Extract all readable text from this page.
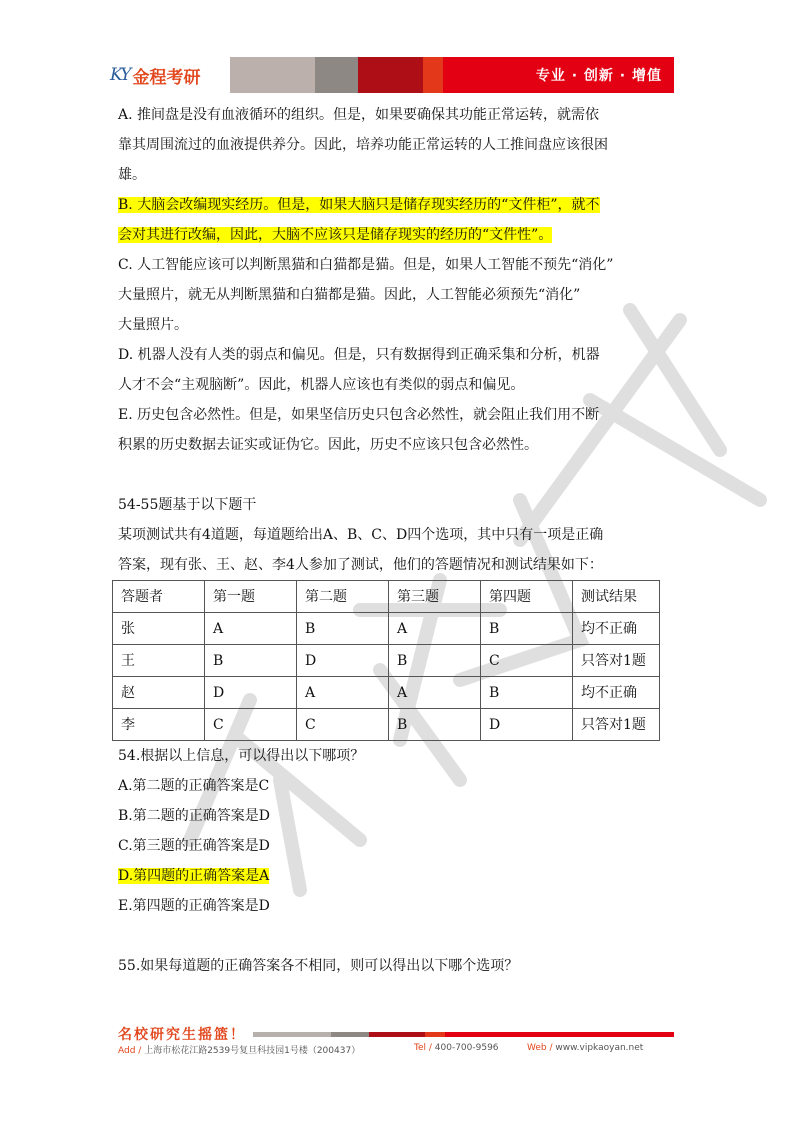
KY 金程考研	专业 · 创新 · 增值

A. 推间盘是没有血液循环的组织。但是，如果要确保其功能正常运转，就需依

靠其周围流过的血液提供养分。因此，培养功能正常运转的人工推间盘应该很困

雄。

B. 大脑会改编现实经历。但是，如果大脑只是储存现实经历的“文件柜”，就不

会对其进行改编，因此，大脑不应该只是储存现实的经历的“文件性”。

C. 人工智能应该可以判断黑猫和白猫都是猫。但是，如果人工智能不预先“消化”

大量照片，就无从判断黑猫和白猫都是猫。因此，人工智能必须预先“消化”

大量照片。

D. 机器人没有人类的弱点和偏见。但是，只有数据得到正确采集和分析，机器

人才不会“主观脑断”。因此，机器人应该也有类似的弱点和偏见。

E. 历史包含必然性。但是，如果坚信历史只包含必然性，就会阻止我们用不断

积累的历史数据去证实或证伪它。因此，历史不应该只包含必然性。

54-55题基于以下题干

某项测试共有4道题，每道题给出A、B、C、D四个选项，其中只有一项是正确

答案，现有张、王、赵、李4人参加了测试，他们的答题情况和测试结果如下：

答题者	第一题	第二题	第三题	第四题	测试结果
张	A	B	A	B	均不正确
王	B	D	B	C	只答对1题
赵	D	A	A	B	均不正确
李	C	C	B	D	只答对1题

54.根据以上信息，可以得出以下哪项？

A.第二题的正确答案是C

B.第二题的正确答案是D

C.第三题的正确答案是D

D.第四题的正确答案是A

E.第四题的正确答案是D

55.如果每道题的正确答案各不相同，则可以得出以下哪个选项？

名校研究生摇篮！
Add / 上海市松花江路2539号复旦科技园1号楼（200437）	Tel / 400-700-9596	Web / www.vipkaoyan.net
